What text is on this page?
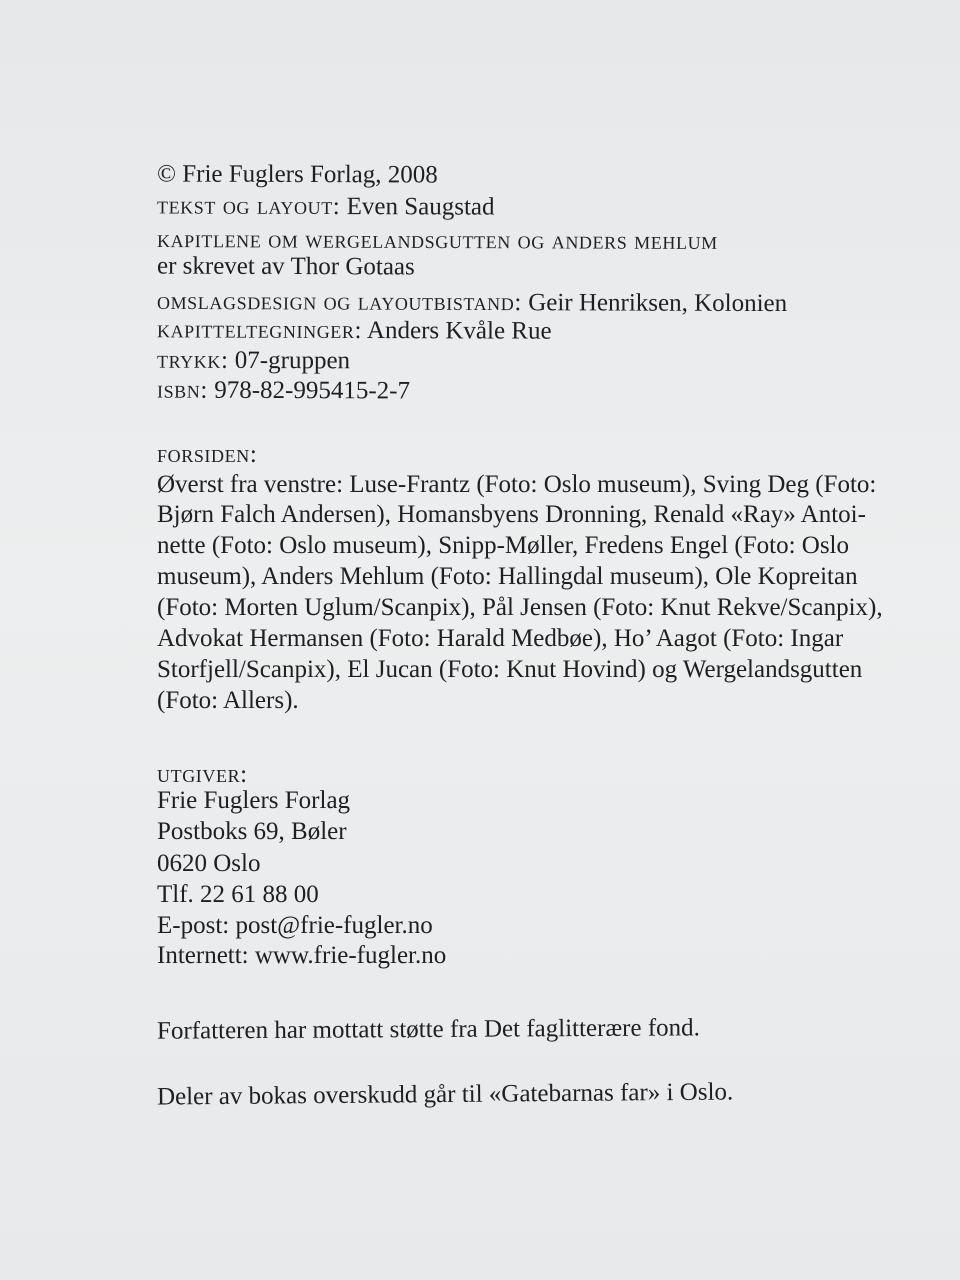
© Frie Fuglers Forlag, 2008
tekst og layout: Even Saugstad
kapitlene om wergelandsgutten og anders mehlum
er skrevet av Thor Gotaas
omslagsdesign og layoutbistand: Geir Henriksen, Kolonien
kapitteltegninger: Anders Kvåle Rue
trykk: 07-gruppen
isbn: 978-82-995415-2-7
forsiden:
Øverst fra venstre: Luse-Frantz (Foto: Oslo museum), Sving Deg (Foto:
Bjørn Falch Andersen), Homansbyens Dronning, Renald «Ray» Antoi-
nette (Foto: Oslo museum), Snipp-Møller, Fredens Engel (Foto: Oslo
museum), Anders Mehlum (Foto: Hallingdal museum), Ole Kopreitan
(Foto: Morten Uglum/Scanpix), Pål Jensen (Foto: Knut Rekve/Scanpix),
Advokat Hermansen (Foto: Harald Medbøe), Ho’ Aagot (Foto: Ingar
Storfjell/Scanpix), El Jucan (Foto: Knut Hovind) og Wergelandsgutten
(Foto: Allers).
utgiver:
Frie Fuglers Forlag
Postboks 69, Bøler
0620 Oslo
Tlf. 22 61 88 00
E-post: post@frie-fugler.no
Internett: www.frie-fugler.no
Forfatteren har mottatt støtte fra Det faglitterære fond.
Deler av bokas overskudd går til «Gatebarnas far» i Oslo.
